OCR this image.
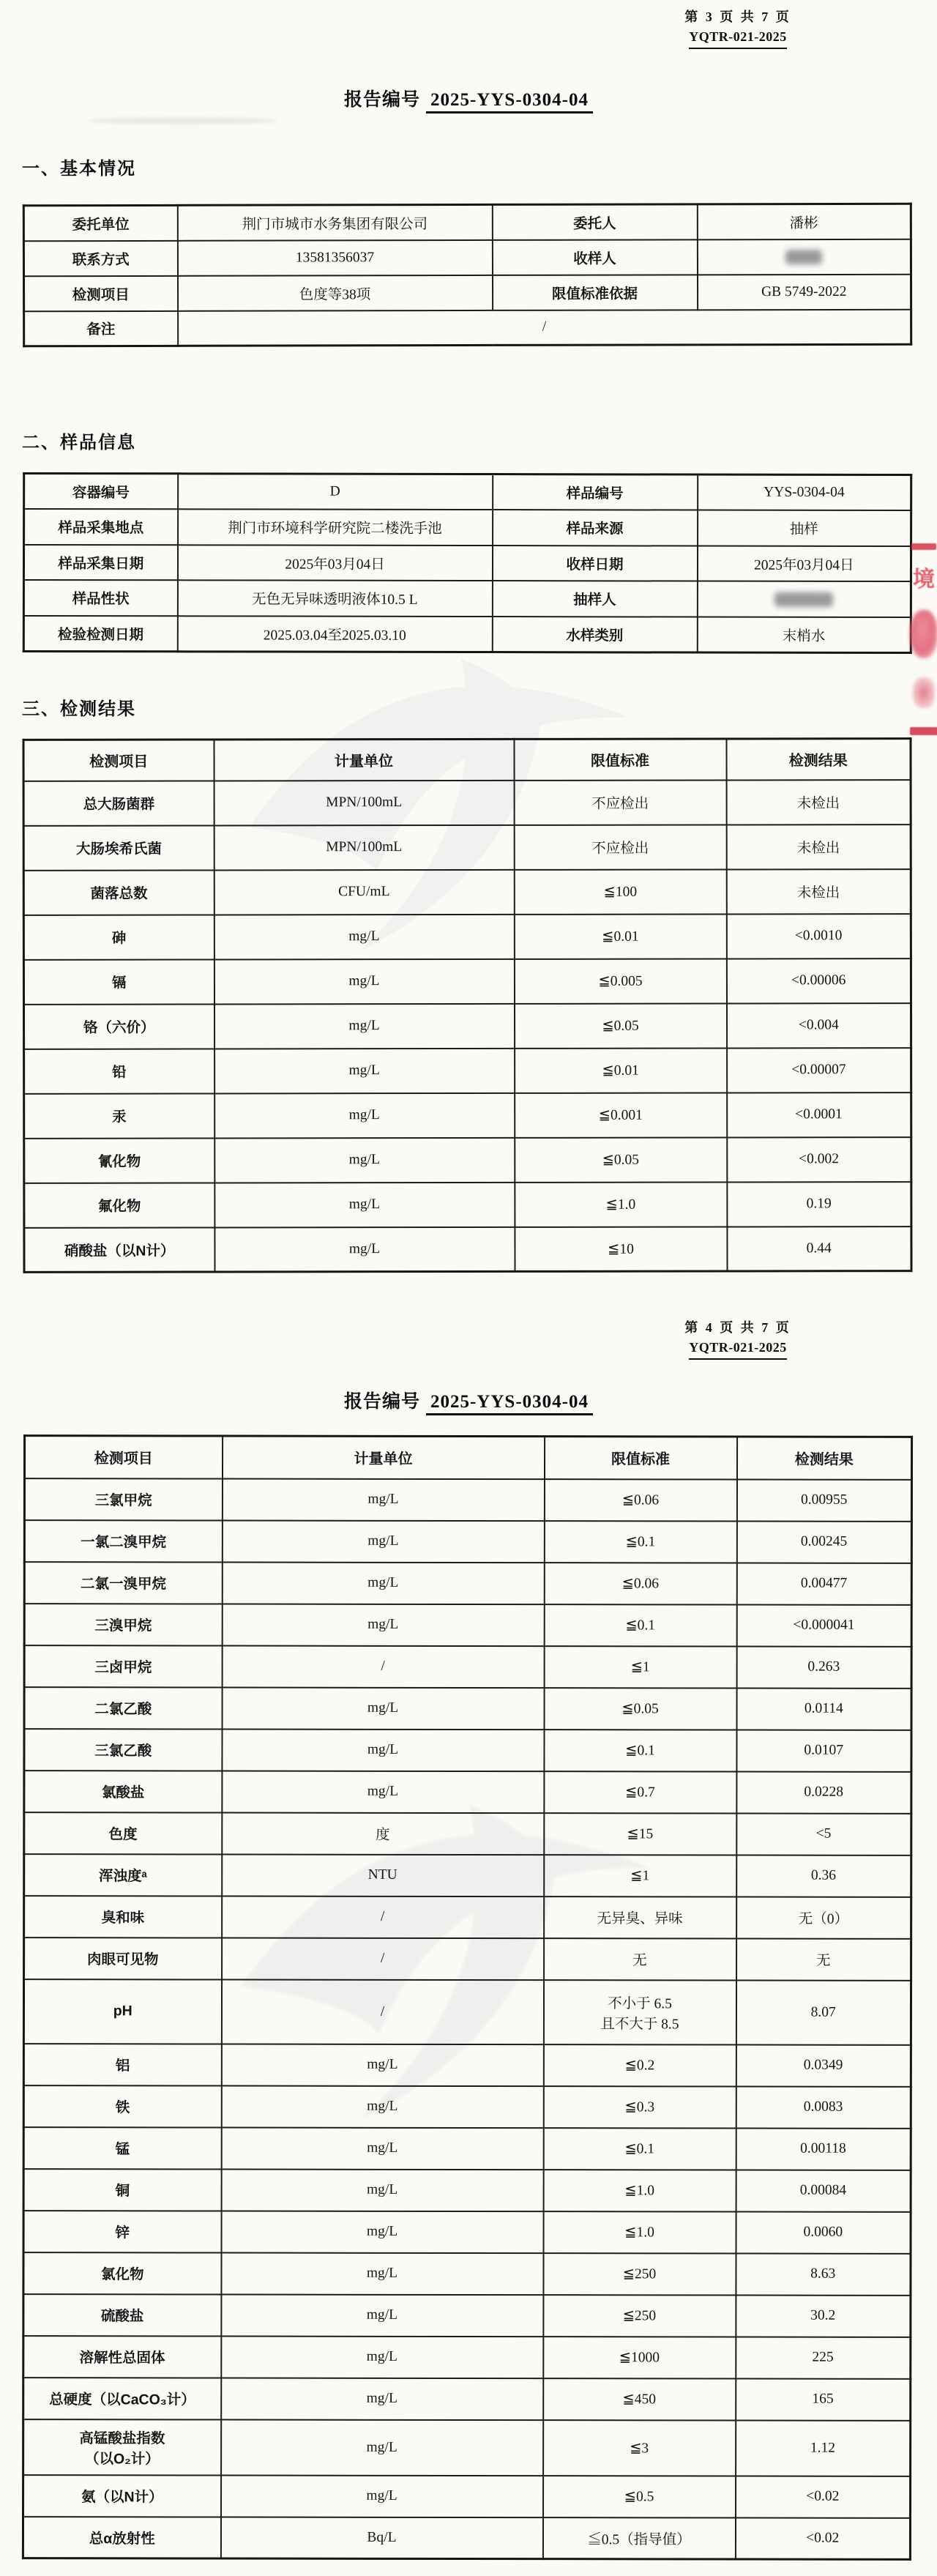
第 3 页 共 7 页
YQTR-021-2025
报告编号 2025-YYS-0304-04
一、基本情况
委托单位	荆门市城市水务集团有限公司	委托人	潘彬
联系方式	13581356037	收样人	
检测项目	色度等38项	限值标准依据	GB 5749-2022
备注	/		
二、样品信息
容器编号	D	样品编号	YYS-0304-04
样品采集地点	荆门市环境科学研究院二楼洗手池	样品来源	抽样
样品采集日期	2025年03月04日	收样日期	2025年03月04日
样品性状	无色无异味透明液体10.5 L	抽样人	
检验检测日期	2025.03.04至2025.03.10	水样类别	末梢水
三、检测结果
检测项目	计量单位	限值标准	检测结果
总大肠菌群	MPN/100mL	不应检出	未检出
大肠埃希氏菌	MPN/100mL	不应检出	未检出
菌落总数	CFU/mL	≦100	未检出
砷	mg/L	≦0.01	<0.0010
镉	mg/L	≦0.005	<0.00006
铬（六价）	mg/L	≦0.05	<0.004
铅	mg/L	≦0.01	<0.00007
汞	mg/L	≦0.001	<0.0001
氰化物	mg/L	≦0.05	<0.002
氟化物	mg/L	≦1.0	0.19
硝酸盐（以N计）	mg/L	≦10	0.44
境
第 4 页 共 7 页
YQTR-021-2025
报告编号 2025-YYS-0304-04
检测项目	计量单位	限值标准	检测结果
三氯甲烷	mg/L	≦0.06	0.00955
一氯二溴甲烷	mg/L	≦0.1	0.00245
二氯一溴甲烷	mg/L	≦0.06	0.00477
三溴甲烷	mg/L	≦0.1	<0.000041
三卤甲烷	/	≦1	0.263
二氯乙酸	mg/L	≦0.05	0.0114
三氯乙酸	mg/L	≦0.1	0.0107
氯酸盐	mg/L	≦0.7	0.0228
色度	度	≦15	<5
浑浊度ᵃ	NTU	≦1	0.36
臭和味	/	无异臭、异味	无（0）
肉眼可见物	/	无	无
pH	/	不小于 6.5
且不大于 8.5	8.07
铝	mg/L	≦0.2	0.0349
铁	mg/L	≦0.3	0.0083
锰	mg/L	≦0.1	0.00118
铜	mg/L	≦1.0	0.00084
锌	mg/L	≦1.0	0.0060
氯化物	mg/L	≦250	8.63
硫酸盐	mg/L	≦250	30.2
溶解性总固体	mg/L	≦1000	225
总硬度（以CaCO₃计）	mg/L	≦450	165
高锰酸盐指数
（以O₂计）	mg/L	≦3	1.12
氨（以N计）	mg/L	≦0.5	<0.02
总α放射性	Bq/L	≦0.5（指导值）	<0.02
